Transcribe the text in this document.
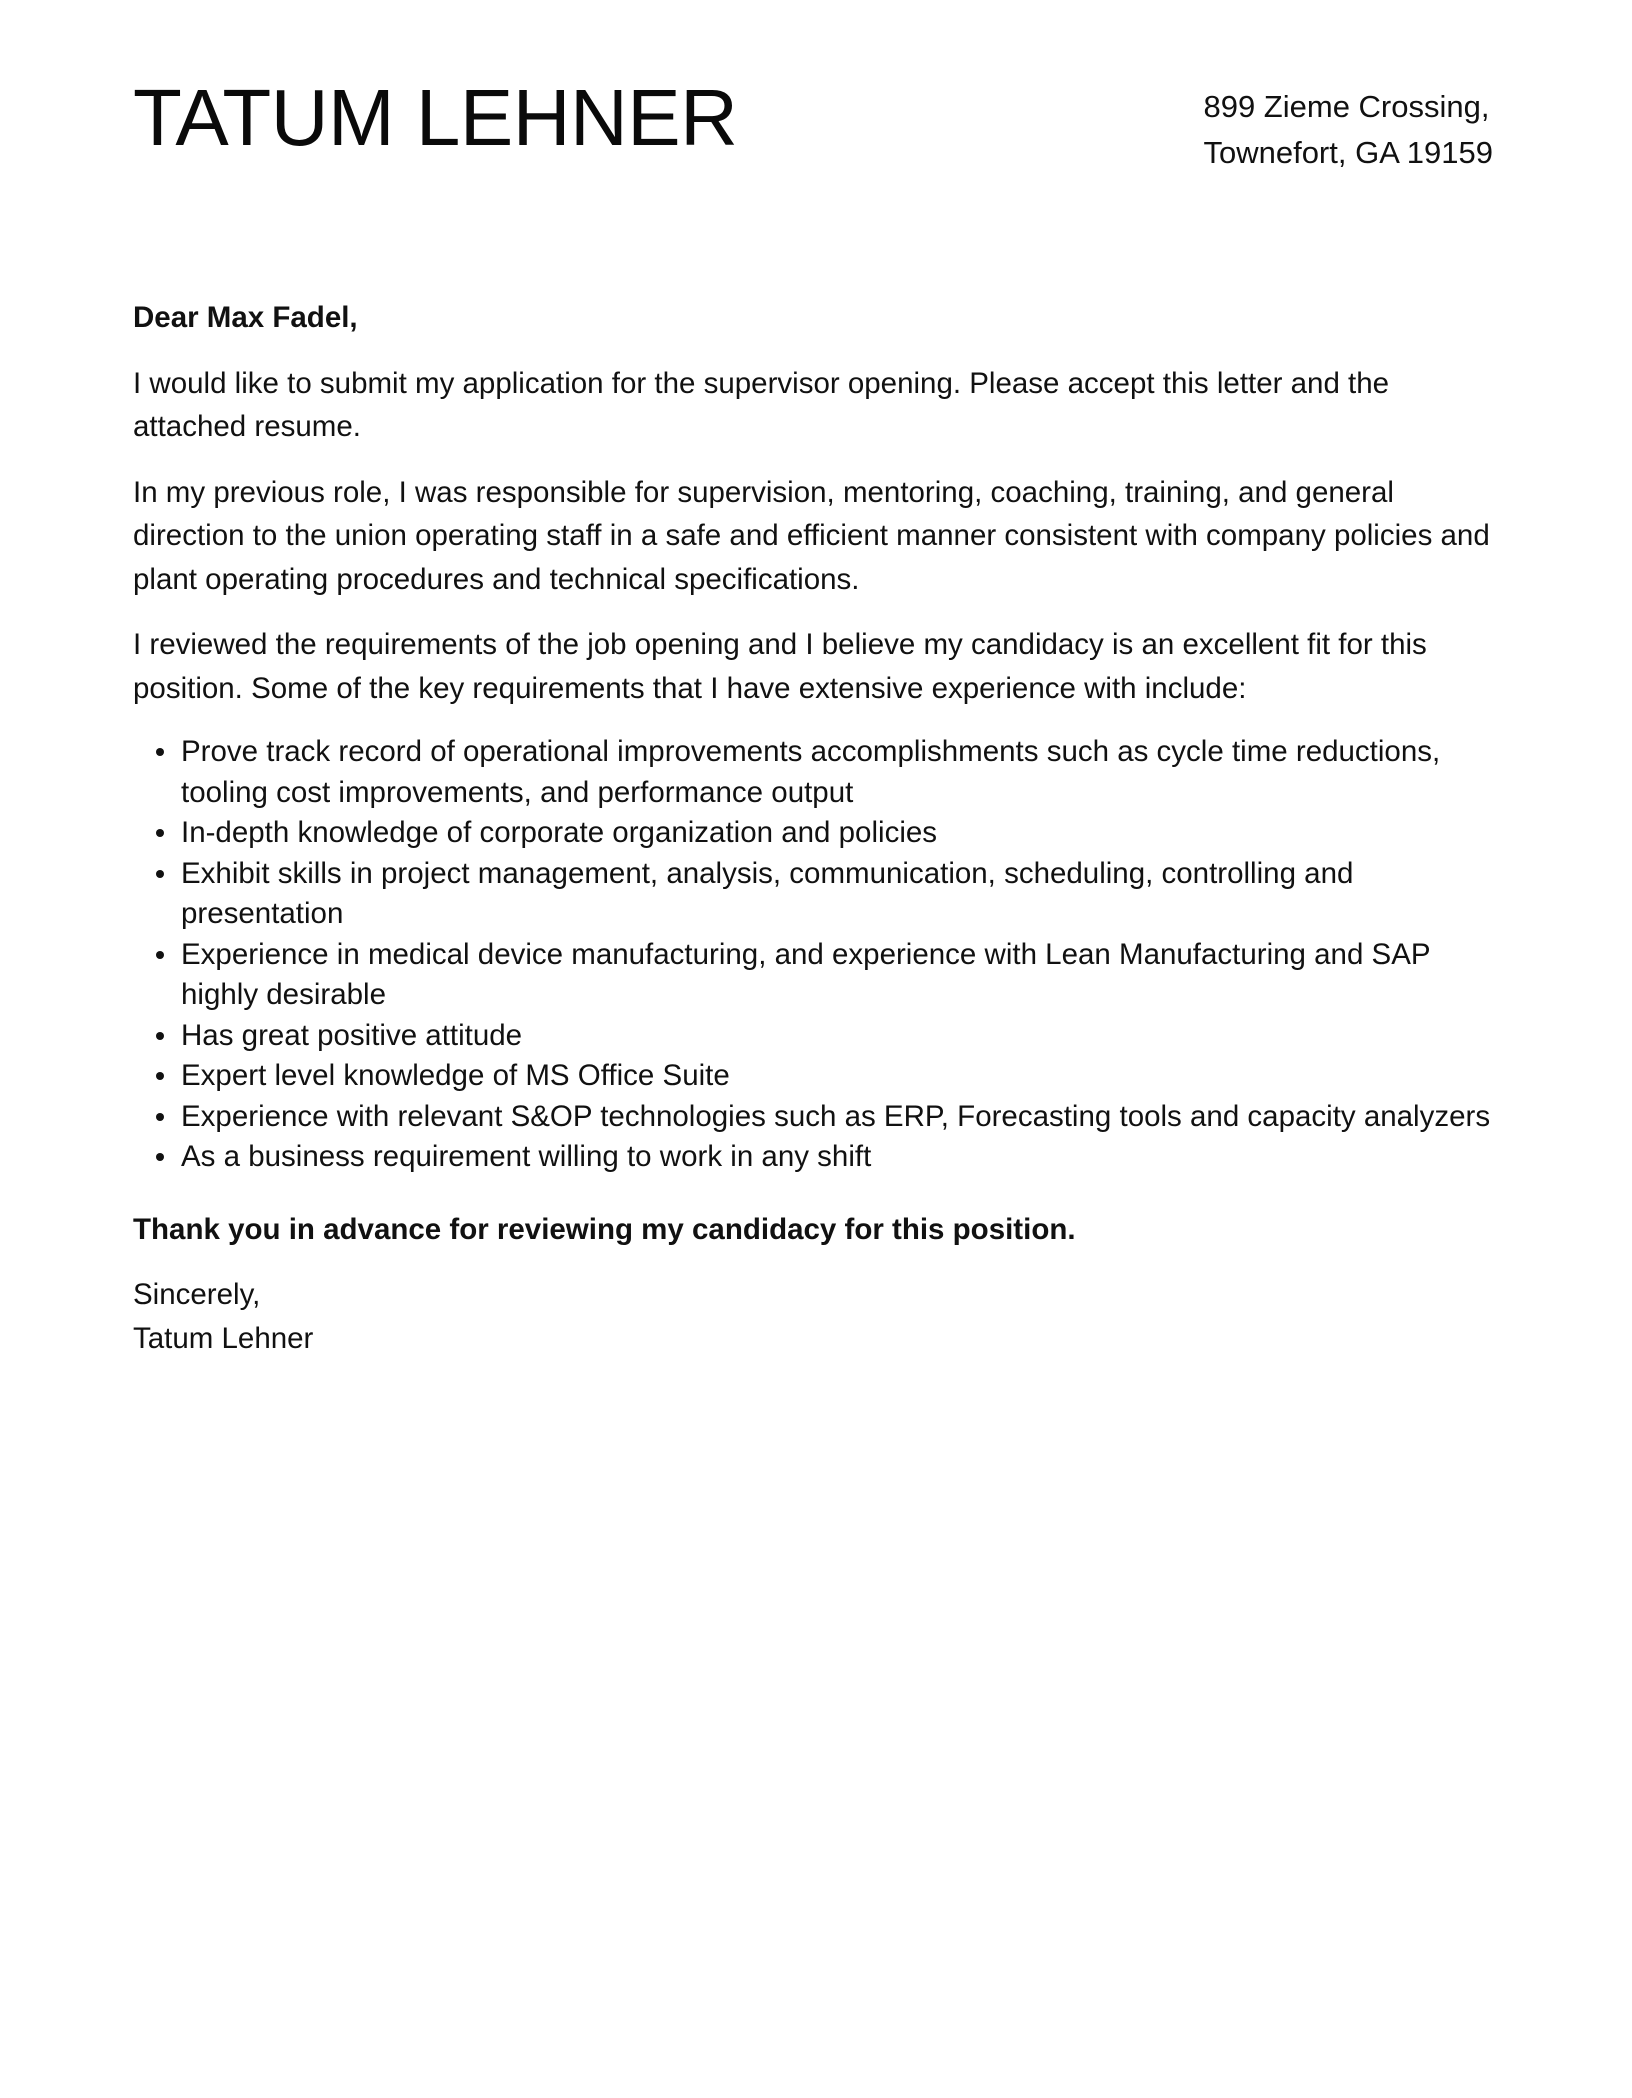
TATUM LEHNER	899 Zieme Crossing,
Townefort, GA 19159

Dear Max Fadel,

I would like to submit my application for the supervisor opening. Please accept this letter and the attached resume.

In my previous role, I was responsible for supervision, mentoring, coaching, training, and general direction to the union operating staff in a safe and efficient manner consistent with company policies and plant operating procedures and technical specifications.

I reviewed the requirements of the job opening and I believe my candidacy is an excellent fit for this position. Some of the key requirements that I have extensive experience with include:

Prove track record of operational improvements accomplishments such as cycle time reductions, tooling cost improvements, and performance output
In-depth knowledge of corporate organization and policies
Exhibit skills in project management, analysis, communication, scheduling, controlling and presentation
Experience in medical device manufacturing, and experience with Lean Manufacturing and SAP highly desirable
Has great positive attitude
Expert level knowledge of MS Office Suite
Experience with relevant S&OP technologies such as ERP, Forecasting tools and capacity analyzers
As a business requirement willing to work in any shift

Thank you in advance for reviewing my candidacy for this position.

Sincerely,
Tatum Lehner
